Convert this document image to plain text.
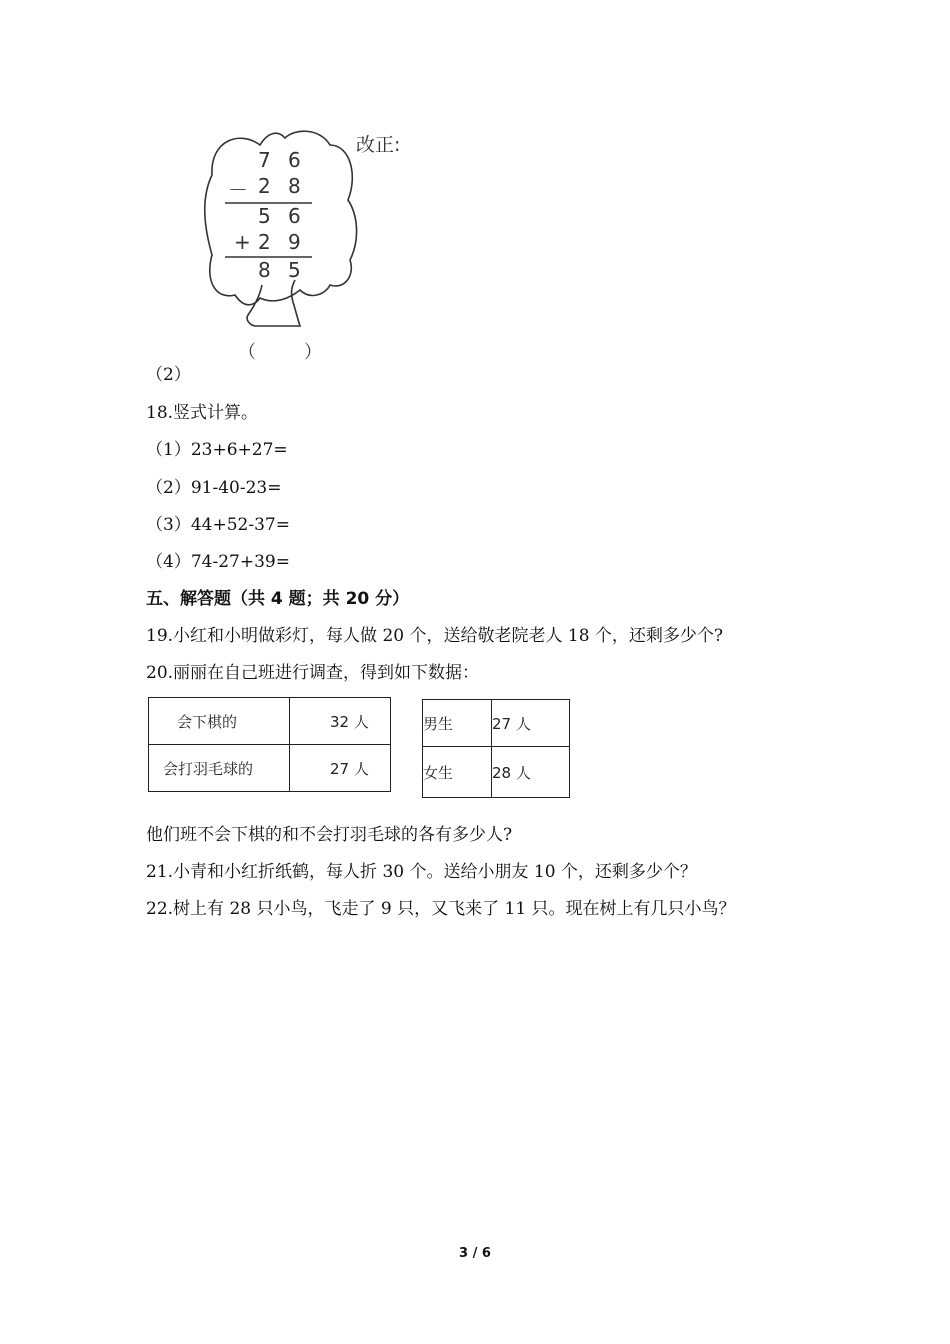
7 6
－ 2 8
5 6
+ 2 9
8 5
（　　）
改正:
（2）
18.竖式计算。
（1）23+6+27=
（2）91-40-23=
（3）44+52-37=
（4）74-27+39=
五、解答题（共 4 题；共 20 分）
19.小红和小明做彩灯，每人做 20 个，送给敬老院老人 18 个，还剩多少个?
20.丽丽在自己班进行调查，得到如下数据：
会下棋的	32 人
会打羽毛球的	27 人
男生	27 人
女生	28 人
他们班不会下棋的和不会打羽毛球的各有多少人?
21.小青和小红折纸鹤，每人折 30 个。送给小朋友 10 个，还剩多少个？
22.树上有 28 只小鸟，飞走了 9 只，又飞来了 11 只。现在树上有几只小鸟？
3 / 6
